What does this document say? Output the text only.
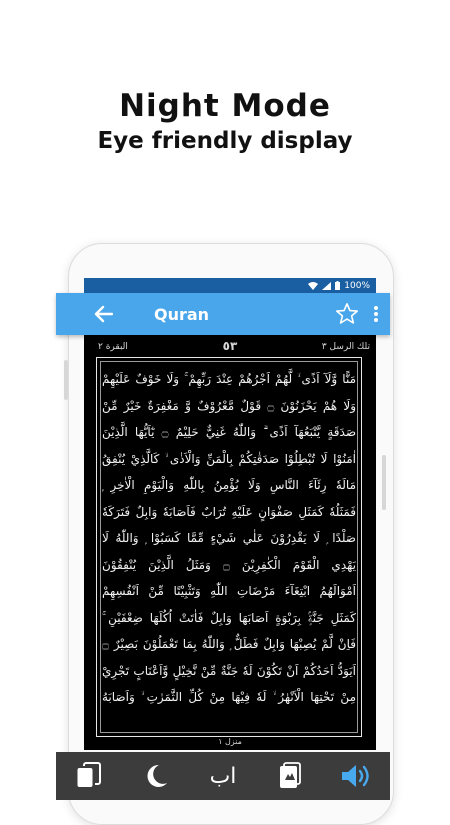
Night Mode
Eye friendly display
100%
Quran
البقرة ٢	٥٣	تلك الرسل ٣
مَنًّا وَّلَآ اَذًى ۙ لَّهُمْ اَجْرُهُمْ عِنْدَ رَبِّهِمْ ۚ وَلَا خَوْفٌ عَلَيْهِمْ
وَلَا هُمْ يَحْزَنُوْنَ ۝ قَوْلٌ مَّعْرُوْفٌ وَّ مَغْفِرَةٌ خَيْرٌ مِّنْ
صَدَقَةٍ يَّتْبَعُهَآ اَذًى ۗ وَاللّٰهُ غَنِيٌّ حَلِيْمٌ ۝ يٰٓاَيُّهَا الَّذِيْنَ
اٰمَنُوْا لَا تُبْطِلُوْا صَدَقٰتِكُمْ بِالْمَنِّ وَالْاَذٰى ۙ كَالَّذِيْ يُنْفِقُ
مَالَهٗ رِئَآءَ النَّاسِ وَلَا يُؤْمِنُ بِاللّٰهِ وَالْيَوْمِ الْاٰخِرِ ۭ
فَمَثَلُهٗ كَمَثَلِ صَفْوَانٍ عَلَيْهِ تُرَابٌ فَاَصَابَهٗ وَابِلٌ فَتَرَكَهٗ
صَلْدًا ۭ لَا يَقْدِرُوْنَ عَلٰي شَيْءٍ مِّمَّا كَسَبُوْا ۭ وَاللّٰهُ لَا
يَهْدِي الْقَوْمَ الْكٰفِرِيْنَ ۝ وَمَثَلُ الَّذِيْنَ يُنْفِقُوْنَ
اَمْوَالَهُمُ ابْتِغَآءَ مَرْضَاتِ اللّٰهِ وَتَثْبِيْتًا مِّنْ اَنْفُسِهِمْ
كَمَثَلِ جَنَّةٍۢ بِرَبْوَةٍ اَصَابَهَا وَابِلٌ فَاٰتَتْ اُكُلَهَا ضِعْفَيْنِ ۚ
فَاِنْ لَّمْ يُصِبْهَا وَابِلٌ فَطَلٌّ ۭ وَاللّٰهُ بِمَا تَعْمَلُوْنَ بَصِيْرٌ ۝
اَيَوَدُّ اَحَدُكُمْ اَنْ تَكُوْنَ لَهٗ جَنَّةٌ مِّنْ نَّخِيْلٍ وَّاَعْنَابٍ تَجْرِيْ
مِنْ تَحْتِهَا الْاَنْهٰرُ ۙ لَهٗ فِيْهَا مِنْ كُلِّ الثَّمَرٰتِ ۙ وَاَصَابَهُ
منزل ١
اب
